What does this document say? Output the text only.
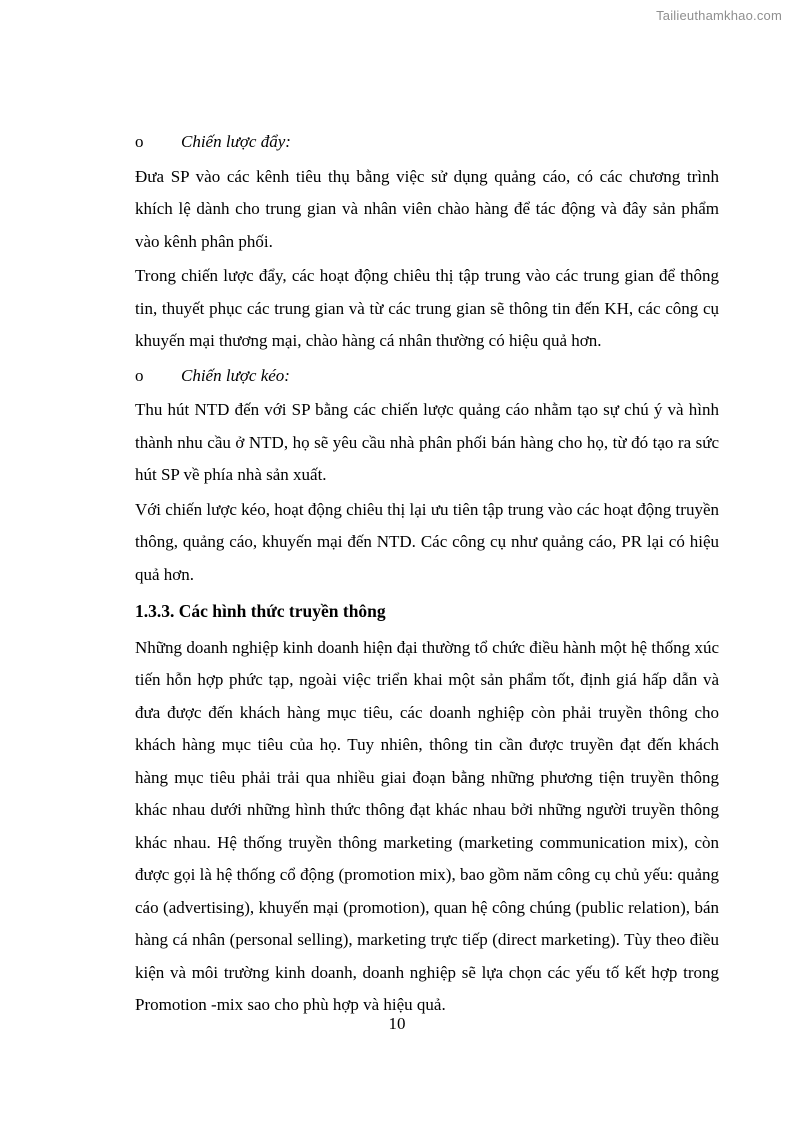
Tailieuthamkhao.com
o	Chiến lược đẩy:

Đưa SP vào các kênh tiêu thụ bằng việc sử dụng quảng cáo, có các chương trình khích lệ dành cho trung gian và nhân viên chào hàng để tác động và đây sản phẩm vào kênh phân phối.

Trong chiến lược đẩy, các hoạt động chiêu thị tập trung vào các trung gian để thông tin, thuyết phục các trung gian và từ các trung gian sẽ thông tin đến KH, các công cụ khuyến mại thương mại, chào hàng cá nhân thường có hiệu quả hơn.

o	Chiến lược kéo:

Thu hút NTD đến với SP bằng các chiến lược quảng cáo nhằm tạo sự chú ý và hình thành nhu cầu ở NTD, họ sẽ yêu cầu nhà phân phối bán hàng cho họ, từ đó tạo ra sức hút SP về phía nhà sản xuất.

Với chiến lược kéo, hoạt động chiêu thị lại ưu tiên tập trung vào các hoạt động truyền thông, quảng cáo, khuyến mại đến NTD. Các công cụ như quảng cáo, PR lại có hiệu quả hơn.

1.3.3. Các hình thức truyền thông

Những doanh nghiệp kinh doanh hiện đại thường tổ chức điều hành một hệ thống xúc tiến hỗn hợp phức tạp, ngoài việc triển khai một sản phẩm tốt, định giá hấp dẫn và đưa được đến khách hàng mục tiêu, các doanh nghiệp còn phải truyền thông cho khách hàng mục tiêu của họ. Tuy nhiên, thông tin cần được truyền đạt đến khách hàng mục tiêu phải trải qua nhiều giai đoạn bằng những phương tiện truyền thông khác nhau dưới những hình thức thông đạt khác nhau bởi những người truyền thông khác nhau. Hệ thống truyền thông marketing (marketing communication mix), còn được gọi là hệ thống cổ động (promotion mix), bao gồm năm công cụ chủ yếu: quảng cáo (advertising), khuyến mại (promotion), quan hệ công chúng (public relation), bán hàng cá nhân (personal selling), marketing trực tiếp (direct marketing). Tùy theo điều kiện và môi trường kinh doanh, doanh nghiệp sẽ lựa chọn các yếu tố kết hợp trong Promotion -mix sao cho phù hợp và hiệu quả.

10
